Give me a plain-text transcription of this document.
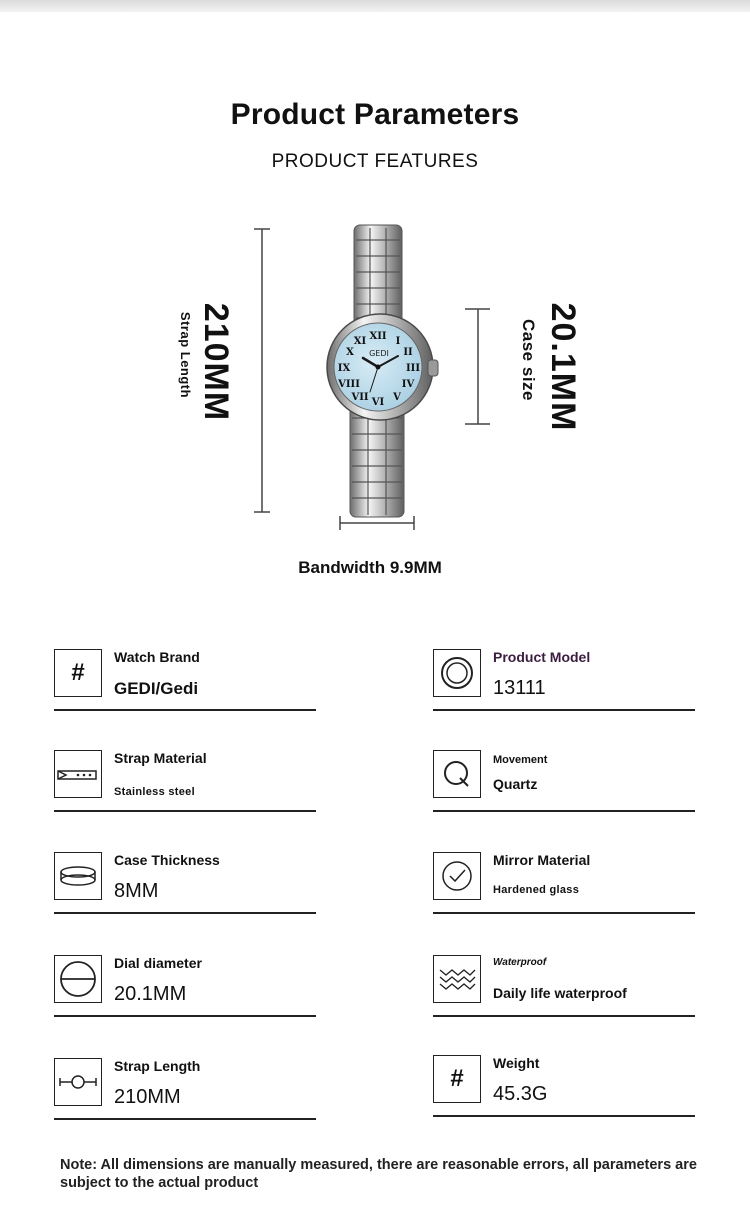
Product Parameters
PRODUCT FEATURES
XII I
II
III
IV
V
VI
VII
VIII
IX
X
XI
GEDI
210MM
Strap Length	20.1MM
Case size
Bandwidth 9.9MM
#
Watch Brand
GEDI/Gedi
Product Model
13111
Strap Material
Stainless steel
Movement
Quartz
Case Thickness
8MM
Mirror Material
Hardened glass
Dial diameter
20.1MM
Waterproof
Daily life waterproof
Strap Length
210MM
#
Weight
45.3G
Note: All dimensions are manually measured, there are reasonable errors, all parameters are subject to the actual product
